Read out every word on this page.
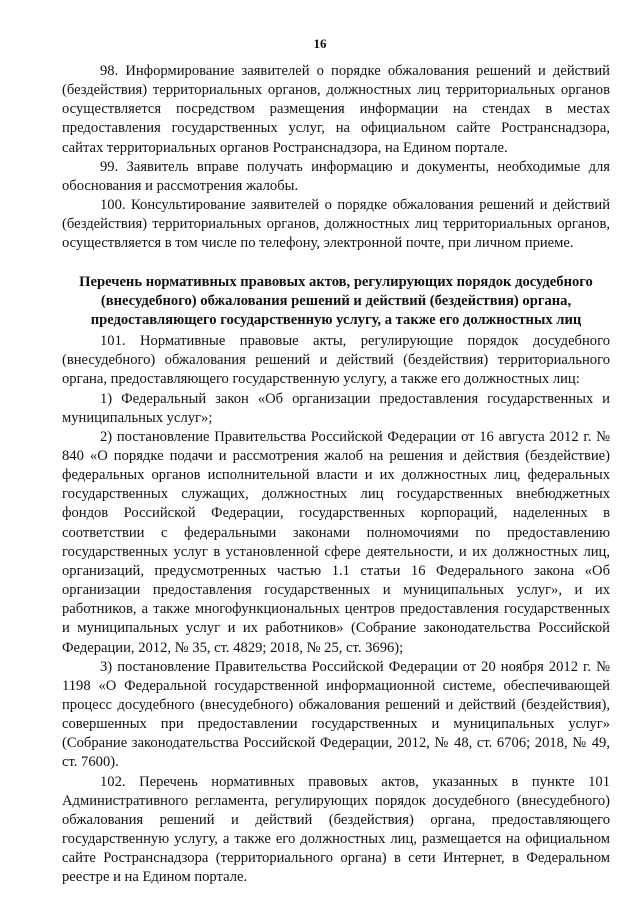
16

98. Информирование заявителей о порядке обжалования решений и действий (бездействия) территориальных органов, должностных лиц территориальных органов осуществляется посредством размещения информации на стендах в местах предоставления государственных услуг, на официальном сайте Ространснадзора, сайтах территориальных органов Ространснадзора, на Едином портале.

99. Заявитель вправе получать информацию и документы, необходимые для обоснования и рассмотрения жалобы.

100. Консультирование заявителей о порядке обжалования решений и действий (бездействия) территориальных органов, должностных лиц территориальных органов, осуществляется в том числе по телефону, электронной почте, при личном приеме.

Перечень нормативных правовых актов, регулирующих порядок досудебного (внесудебного) обжалования решений и действий (бездействия) органа, предоставляющего государственную услугу, а также его должностных лиц

101. Нормативные правовые акты, регулирующие порядок досудебного (внесудебного) обжалования решений и действий (бездействия) территориального органа, предоставляющего государственную услугу, а также его должностных лиц:

1) Федеральный закон «Об организации предоставления государственных и муниципальных услуг»;

2) постановление Правительства Российской Федерации от 16 августа 2012 г. № 840 «О порядке подачи и рассмотрения жалоб на решения и действия (бездействие) федеральных органов исполнительной власти и их должностных лиц, федеральных государственных служащих, должностных лиц государственных внебюджетных фондов Российской Федерации, государственных корпораций, наделенных в соответствии с федеральными законами полномочиями по предоставлению государственных услуг в установленной сфере деятельности, и их должностных лиц, организаций, предусмотренных частью 1.1 статьи 16 Федерального закона «Об организации предоставления государственных и муниципальных услуг», и их работников, а также многофункциональных центров предоставления государственных и муниципальных услуг и их работников» (Собрание законодательства Российской Федерации, 2012, № 35, ст. 4829; 2018, № 25, ст. 3696);

3) постановление Правительства Российской Федерации от 20 ноября 2012 г. № 1198 «О Федеральной государственной информационной системе, обеспечивающей процесс досудебного (внесудебного) обжалования решений и действий (бездействия), совершенных при предоставлении государственных и муниципальных услуг» (Собрание законодательства Российской Федерации, 2012, № 48, ст. 6706; 2018, № 49, ст. 7600).

102. Перечень нормативных правовых актов, указанных в пункте 101 Административного регламента, регулирующих порядок досудебного (внесудебного) обжалования решений и действий (бездействия) органа, предоставляющего государственную услугу, а также его должностных лиц, размещается на официальном сайте Ространснадзора (территориального органа) в сети Интернет, в Федеральном реестре и на Едином портале.
